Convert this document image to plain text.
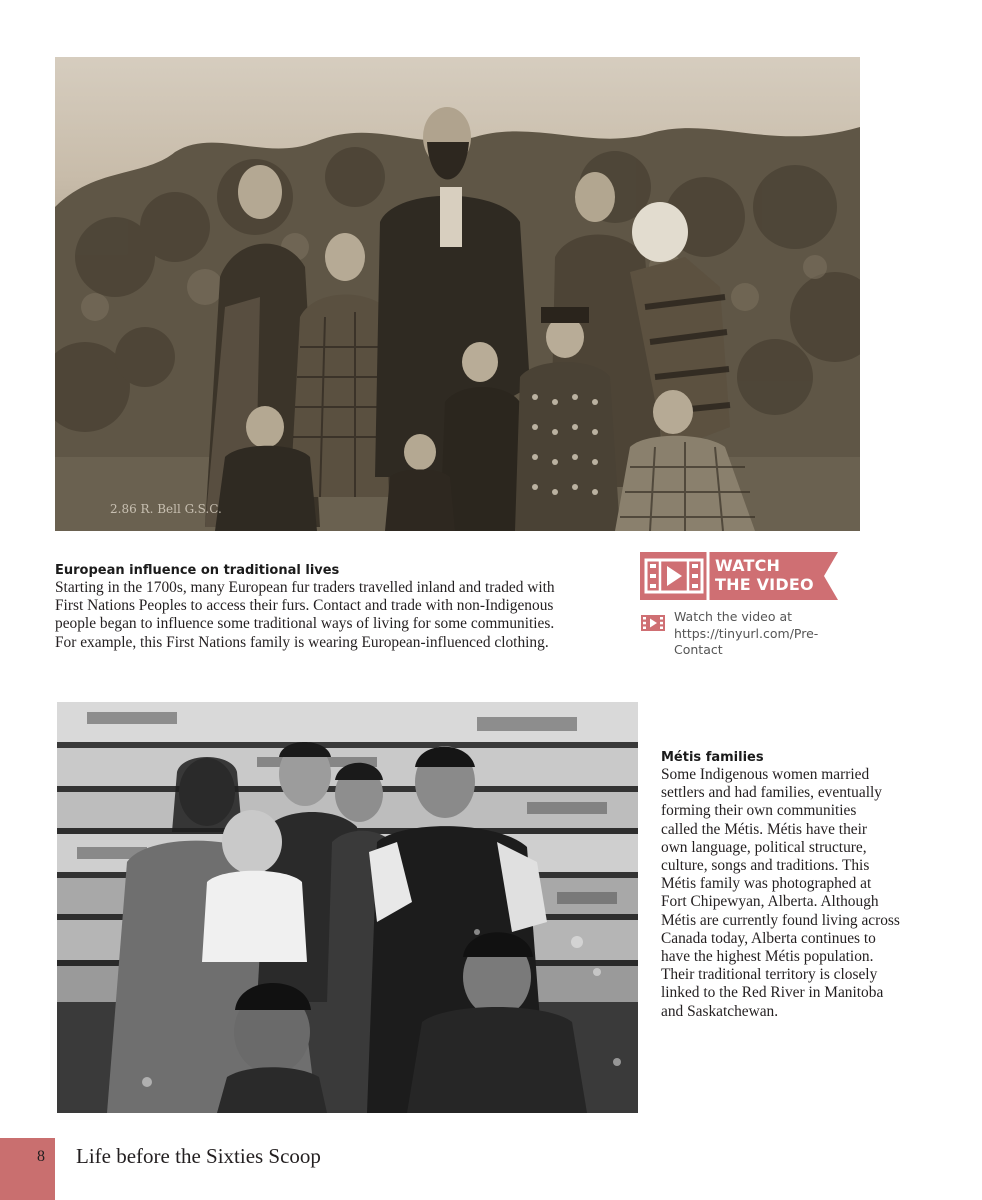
2.86 R. Bell G.S.C.
European influence on traditional lives
Starting in the 1700s, many European fur traders travelled inland and traded with
First Nations Peoples to access their furs. Contact and trade with non-Indigenous
people began to influence some traditional ways of living for some communities.
For example, this First Nations family is wearing European-influenced clothing.
WATCH
THE VIDEO
Watch the video at
https://tinyurl.com/Pre-
Contact
Métis families
Some Indigenous women married
settlers and had families, eventually
forming their own communities
called the Métis. Métis have their
own language, political structure,
culture, songs and traditions. This
Métis family was photographed at
Fort Chipewyan, Alberta. Although
Métis are currently found living across
Canada today, Alberta continues to
have the highest Métis population.
Their traditional territory is closely
linked to the Red River in Manitoba
and Saskatchewan.
8 Life before the Sixties Scoop
